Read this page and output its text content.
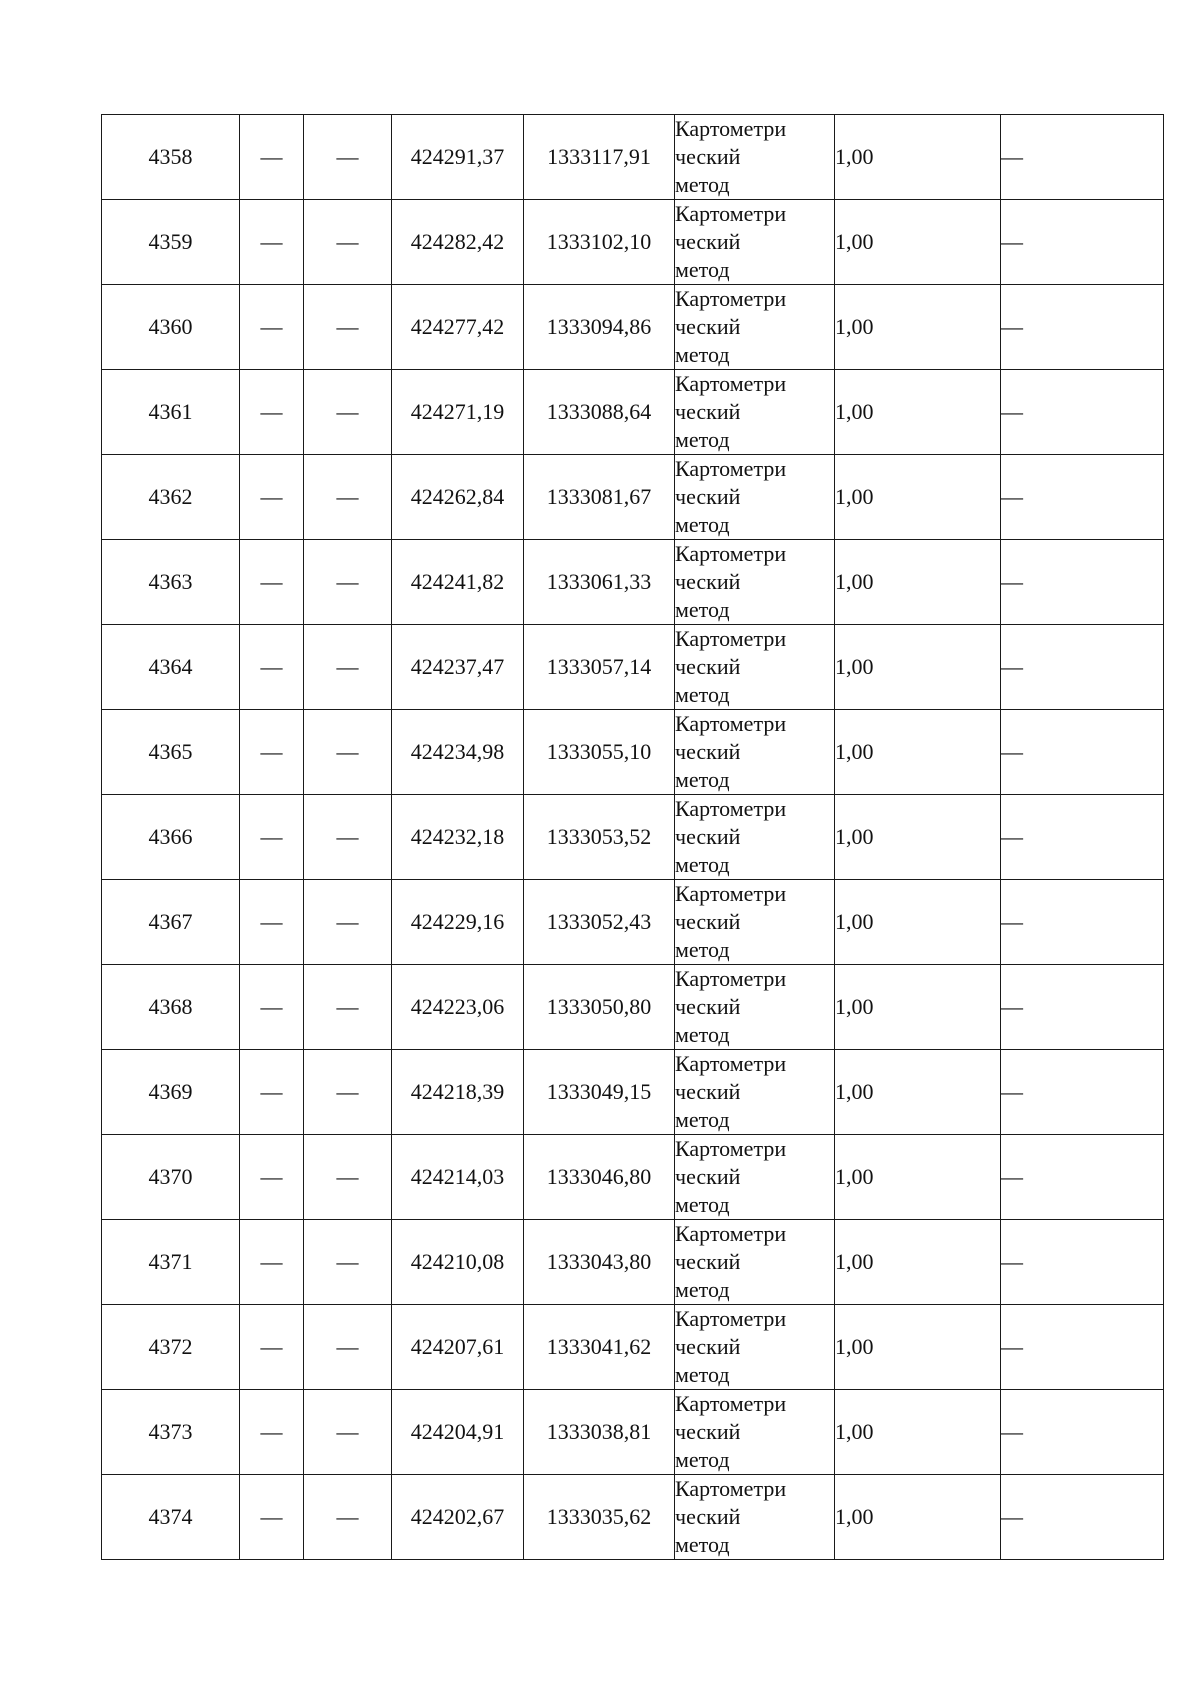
4358	—	—	424291,37	1333117,91	Картометри
ческий
метод	1,00	—
4359	—	—	424282,42	1333102,10	Картометри
ческий
метод	1,00	—
4360	—	—	424277,42	1333094,86	Картометри
ческий
метод	1,00	—
4361	—	—	424271,19	1333088,64	Картометри
ческий
метод	1,00	—
4362	—	—	424262,84	1333081,67	Картометри
ческий
метод	1,00	—
4363	—	—	424241,82	1333061,33	Картометри
ческий
метод	1,00	—
4364	—	—	424237,47	1333057,14	Картометри
ческий
метод	1,00	—
4365	—	—	424234,98	1333055,10	Картометри
ческий
метод	1,00	—
4366	—	—	424232,18	1333053,52	Картометри
ческий
метод	1,00	—
4367	—	—	424229,16	1333052,43	Картометри
ческий
метод	1,00	—
4368	—	—	424223,06	1333050,80	Картометри
ческий
метод	1,00	—
4369	—	—	424218,39	1333049,15	Картометри
ческий
метод	1,00	—
4370	—	—	424214,03	1333046,80	Картометри
ческий
метод	1,00	—
4371	—	—	424210,08	1333043,80	Картометри
ческий
метод	1,00	—
4372	—	—	424207,61	1333041,62	Картометри
ческий
метод	1,00	—
4373	—	—	424204,91	1333038,81	Картометри
ческий
метод	1,00	—
4374	—	—	424202,67	1333035,62	Картометри
ческий
метод	1,00	—
